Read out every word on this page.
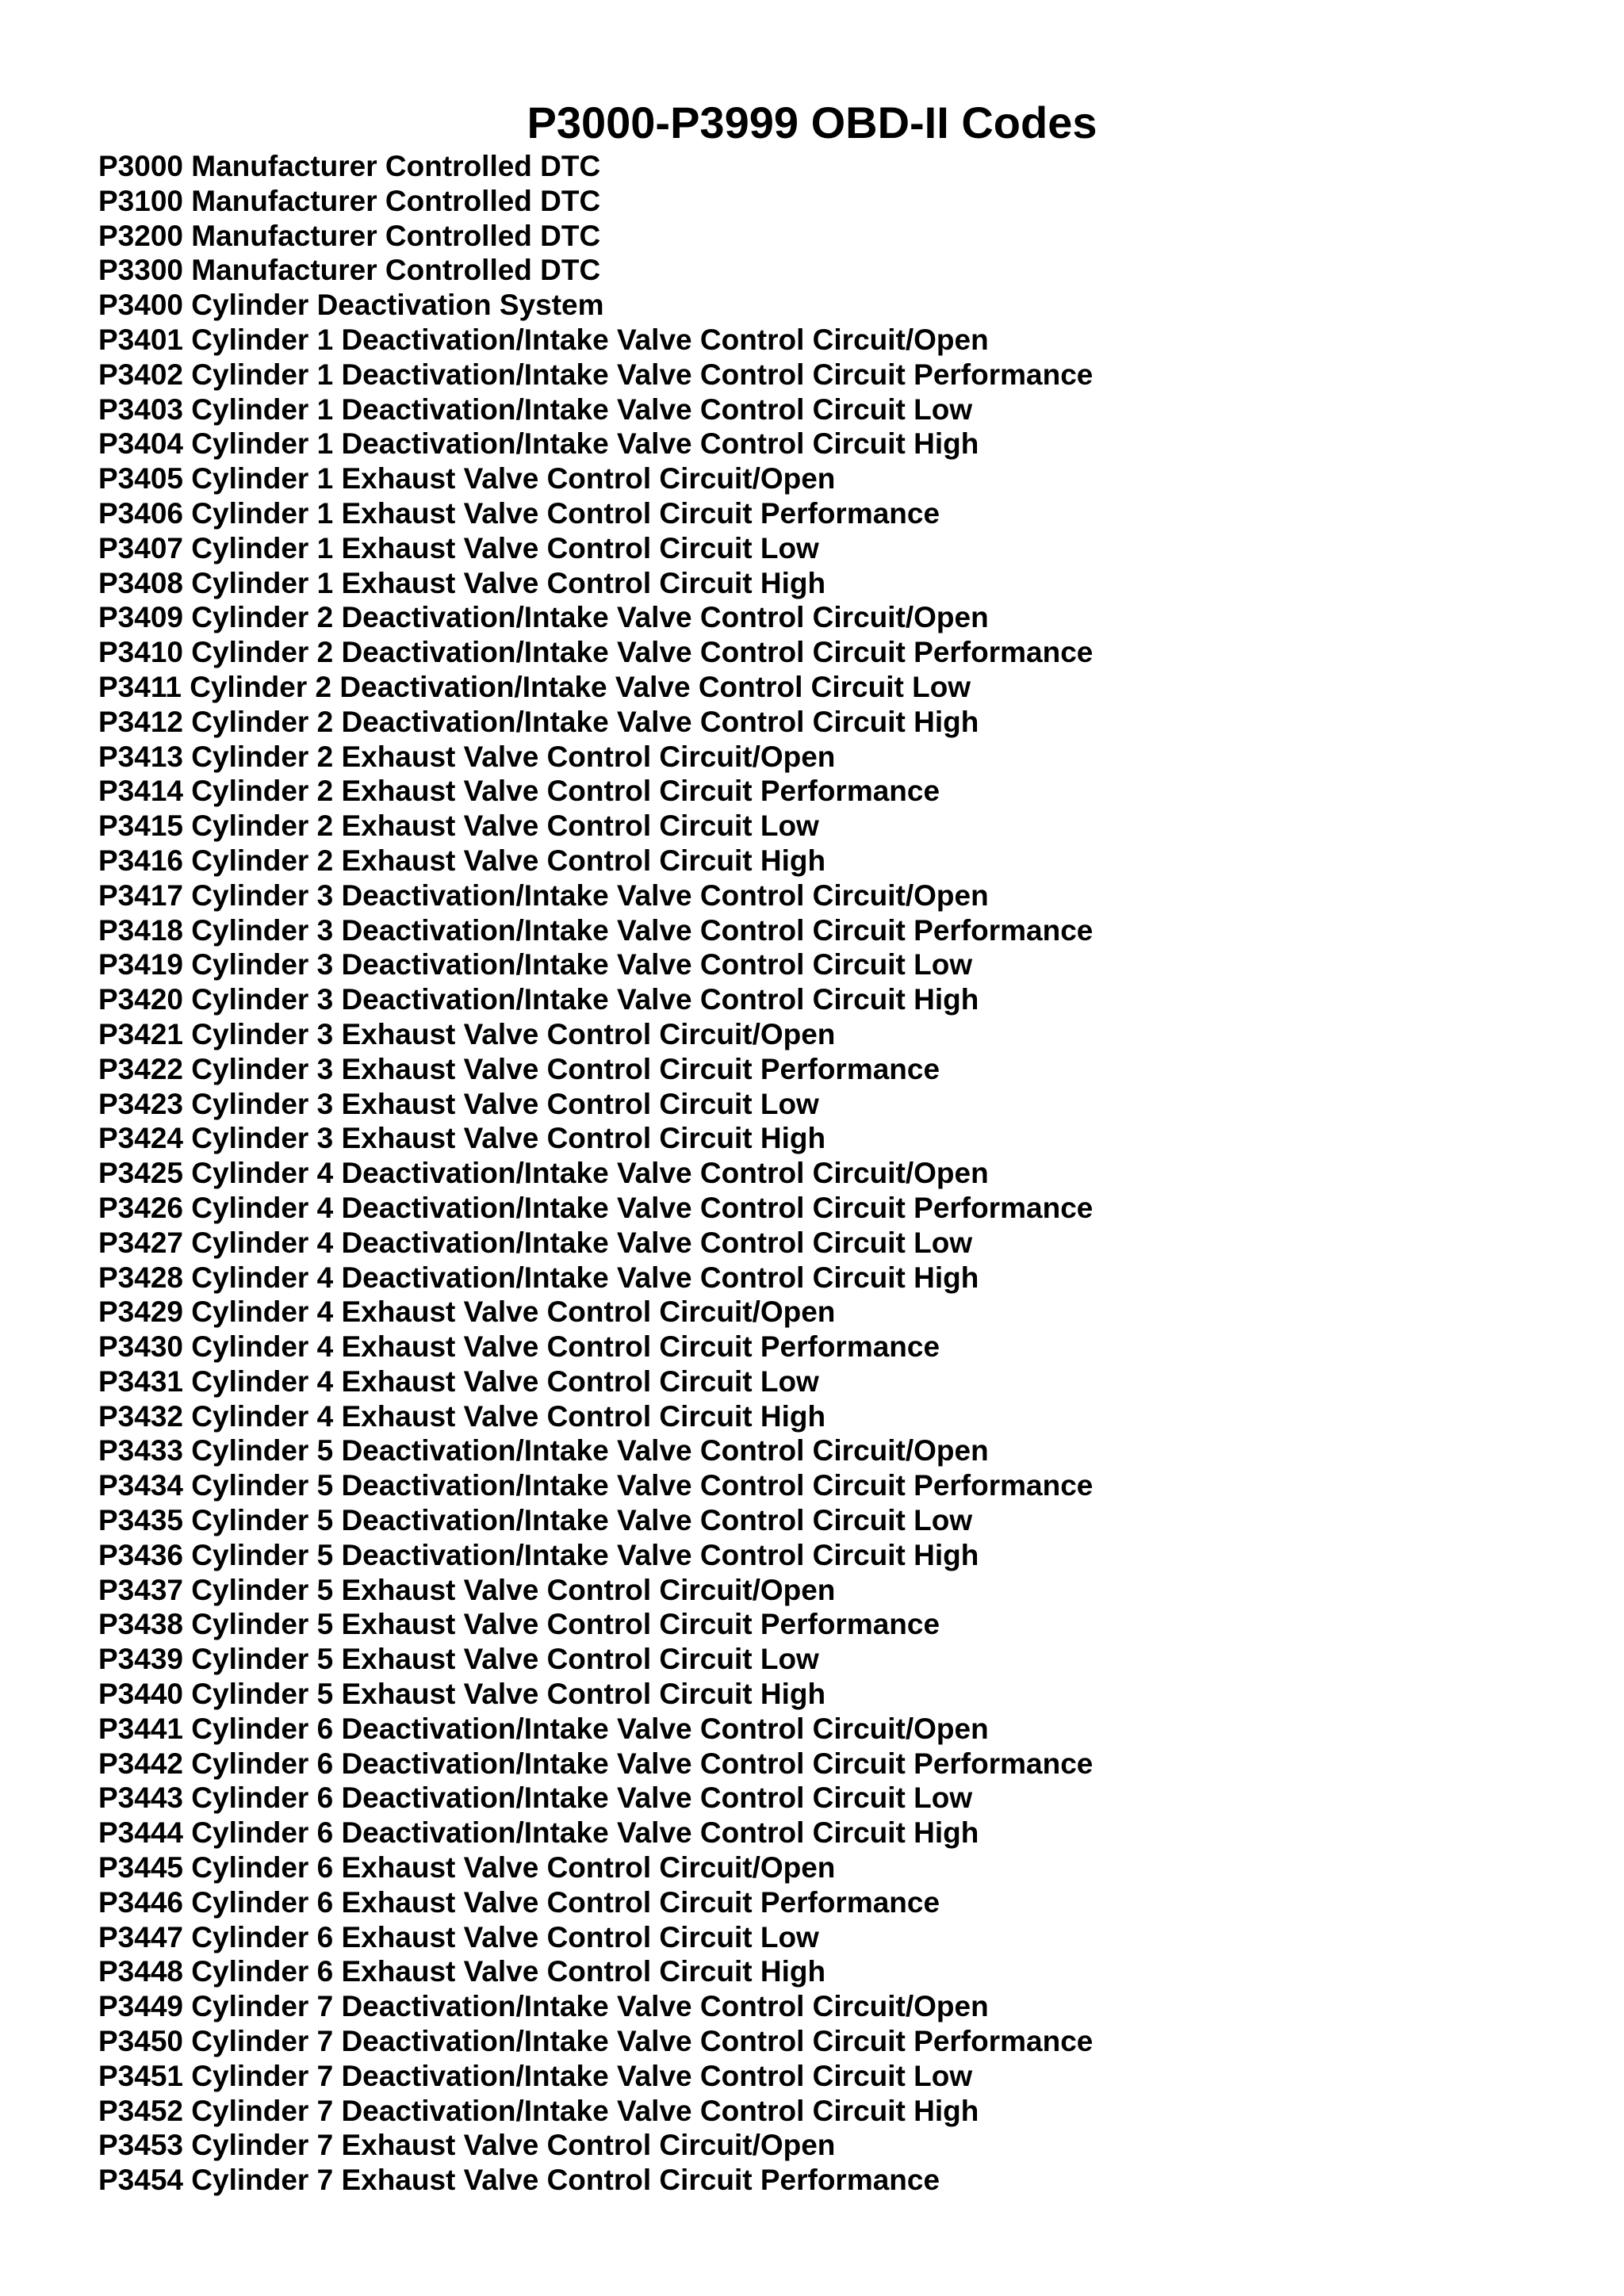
P3000-P3999 OBD-II Codes
P3000 Manufacturer Controlled DTC
P3100 Manufacturer Controlled DTC
P3200 Manufacturer Controlled DTC
P3300 Manufacturer Controlled DTC
P3400 Cylinder Deactivation System
P3401 Cylinder 1 Deactivation/Intake Valve Control Circuit/Open
P3402 Cylinder 1 Deactivation/Intake Valve Control Circuit Performance
P3403 Cylinder 1 Deactivation/Intake Valve Control Circuit Low
P3404 Cylinder 1 Deactivation/Intake Valve Control Circuit High
P3405 Cylinder 1 Exhaust Valve Control Circuit/Open
P3406 Cylinder 1 Exhaust Valve Control Circuit Performance
P3407 Cylinder 1 Exhaust Valve Control Circuit Low
P3408 Cylinder 1 Exhaust Valve Control Circuit High
P3409 Cylinder 2 Deactivation/Intake Valve Control Circuit/Open
P3410 Cylinder 2 Deactivation/Intake Valve Control Circuit Performance
P3411 Cylinder 2 Deactivation/Intake Valve Control Circuit Low
P3412 Cylinder 2 Deactivation/Intake Valve Control Circuit High
P3413 Cylinder 2 Exhaust Valve Control Circuit/Open
P3414 Cylinder 2 Exhaust Valve Control Circuit Performance
P3415 Cylinder 2 Exhaust Valve Control Circuit Low
P3416 Cylinder 2 Exhaust Valve Control Circuit High
P3417 Cylinder 3 Deactivation/Intake Valve Control Circuit/Open
P3418 Cylinder 3 Deactivation/Intake Valve Control Circuit Performance
P3419 Cylinder 3 Deactivation/Intake Valve Control Circuit Low
P3420 Cylinder 3 Deactivation/Intake Valve Control Circuit High
P3421 Cylinder 3 Exhaust Valve Control Circuit/Open
P3422 Cylinder 3 Exhaust Valve Control Circuit Performance
P3423 Cylinder 3 Exhaust Valve Control Circuit Low
P3424 Cylinder 3 Exhaust Valve Control Circuit High
P3425 Cylinder 4 Deactivation/Intake Valve Control Circuit/Open
P3426 Cylinder 4 Deactivation/Intake Valve Control Circuit Performance
P3427 Cylinder 4 Deactivation/Intake Valve Control Circuit Low
P3428 Cylinder 4 Deactivation/Intake Valve Control Circuit High
P3429 Cylinder 4 Exhaust Valve Control Circuit/Open
P3430 Cylinder 4 Exhaust Valve Control Circuit Performance
P3431 Cylinder 4 Exhaust Valve Control Circuit Low
P3432 Cylinder 4 Exhaust Valve Control Circuit High
P3433 Cylinder 5 Deactivation/Intake Valve Control Circuit/Open
P3434 Cylinder 5 Deactivation/Intake Valve Control Circuit Performance
P3435 Cylinder 5 Deactivation/Intake Valve Control Circuit Low
P3436 Cylinder 5 Deactivation/Intake Valve Control Circuit High
P3437 Cylinder 5 Exhaust Valve Control Circuit/Open
P3438 Cylinder 5 Exhaust Valve Control Circuit Performance
P3439 Cylinder 5 Exhaust Valve Control Circuit Low
P3440 Cylinder 5 Exhaust Valve Control Circuit High
P3441 Cylinder 6 Deactivation/Intake Valve Control Circuit/Open
P3442 Cylinder 6 Deactivation/Intake Valve Control Circuit Performance
P3443 Cylinder 6 Deactivation/Intake Valve Control Circuit Low
P3444 Cylinder 6 Deactivation/Intake Valve Control Circuit High
P3445 Cylinder 6 Exhaust Valve Control Circuit/Open
P3446 Cylinder 6 Exhaust Valve Control Circuit Performance
P3447 Cylinder 6 Exhaust Valve Control Circuit Low
P3448 Cylinder 6 Exhaust Valve Control Circuit High
P3449 Cylinder 7 Deactivation/Intake Valve Control Circuit/Open
P3450 Cylinder 7 Deactivation/Intake Valve Control Circuit Performance
P3451 Cylinder 7 Deactivation/Intake Valve Control Circuit Low
P3452 Cylinder 7 Deactivation/Intake Valve Control Circuit High
P3453 Cylinder 7 Exhaust Valve Control Circuit/Open
P3454 Cylinder 7 Exhaust Valve Control Circuit Performance
